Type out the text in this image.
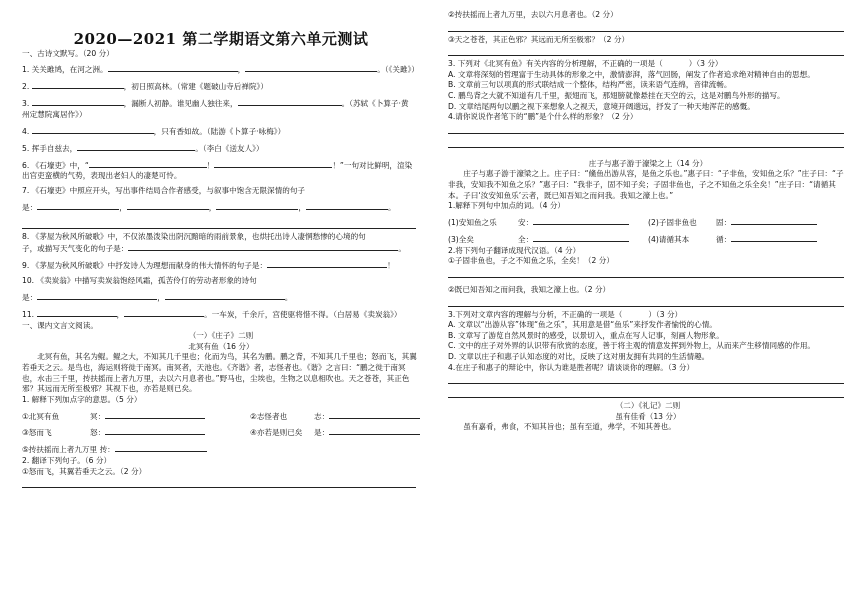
2020—2021 第二学期语文第六单元测试

一、古诗文默写。（20 分）

1. 关关雎鸠，在河之洲。	，	。（《关雎》）

2.	，初日照高林。（常建《题破山寺后禅院》）

3.	，漏断人初静。谁见幽人独往来，	。（苏轼《卜算子·黄

州定慧院寓居作》）

4.	，只有香如故。（陆游《卜算子·咏梅》）

5. 挥手自兹去，	。（李白《送友人》）

6. 《石壕吏》中，“	！	！”一句对比鲜明，渲染

出官吏蛮横的气势，表现出老妇人的凄楚可怜。

7. 《石壕吏》中照应开头，写出事件结局合作者感受，与叙事中饱含无限深情的句子

是：	，	，	，	。

8. 《茅屋为秋风所破歌》中，不仅浓墨泼染出阴沉黯暗的雨前景象，也烘托出诗人凄惘愁惨的心境的句

子，或描写天气变化的句子是：	。

9. 《茅屋为秋风所破歌》中抒发诗人为理想而献身的伟大情怀的句子是：	！

10. 《卖炭翁》中描写卖炭翁饱经风霜，孤苦伶仃的劳动者形象的诗句

是：	，	。

11.	，	。一车炭，千余斤，宫使驱将惜不得。（白居易《卖炭翁》）

一、课内文言文阅读。

（一）《庄子》二则

北冥有鱼（16 分）

北冥有鱼，其名为鲲。鲲之大，不知其几千里也；化而为鸟，其名为鹏。鹏之背，不知其几千里也；怒而飞，其翼若垂天之云。是鸟也，海运则将徙于南冥。南冥者，天池也。《齐谐》者，志怪者也。《谐》之言曰：“鹏之徙于南冥也，水击三千里，抟扶摇而上者九万里，去以六月息者也。”野马也，尘埃也，生物之以息相吹也。天之苍苍，其正色邪？其远而无所至极邪？其视下也，亦若是则已矣。

1. 解释下列加点字的意思。（5 分）

①北冥有鱼	冥：	②志怪者也	志：

③怒而飞	怒：	④亦若是则已矣 是：

⑤抟扶摇而上者九万里 抟：

2. 翻译下列句子。（6 分）

①怒而飞，其翼若垂天之云。（2 分）

②抟扶摇而上者九万里，去以六月息者也。（2 分）

③天之苍苍，其正色邪？其远而无所至极邪？（2 分）

3. 下列对《北冥有鱼》有关内容的分析理解，不正确的一项是（	）（3 分）

A. 文章将深刻的哲理富于生动具体的形象之中，激情澎湃，落气回肠，阐发了作者追求绝对精神自由的思想。

B. 文章前三句以项真的形式联结成一个整体，结构严密，读来语气连绵，音律流畅。

C. 鹏鸟背之大就不知道有几千里，振翅而飞，那翅膀就像悬挂在天空的云，这是对鹏鸟外形的描写。

D. 文章结尾两句以鹏之视下来想象人之视天，意境开阔邈远，抒发了一种天地浑茫的感慨。

4.请你说说作者笔下的“鹏”是个什么样的形象？（2 分）

庄子与惠子游于濠梁之上（14 分）

庄子与惠子游于濠梁之上。庄子曰：“鯈鱼出游从容，是鱼之乐也。”惠子曰：“子非鱼，安知鱼之乐？”庄子曰：“子非我，安知我不知鱼之乐？”惠子曰：“我非子，固不知子矣；子固非鱼也，子之不知鱼之乐全矣！”庄子曰：“请循其本。子曰‘汝安知鱼乐’云者，既已知吾知之而问我。我知之濠上也。”

1.解释下列句中加点的词。（4 分）

(1)安知鱼之乐	安：	(2)子固非鱼也	固：

(3)全矣	全：	(4)请循其本	循：

2.将下列句子翻译成现代汉语。（4 分）

①子固非鱼也，子之不知鱼之乐，全矣！（2 分）

②既已知吾知之而问我，我知之濠上也。（2 分）

3.下列对文章内容的理解与分析，不正确的一项是（	）（3 分）

A. 文章以“出游从容”体现“鱼之乐”，其用意是借“鱼乐”来抒发作者愉悦的心情。

B. 文章写了游览自然风景时的感受，以景切入，重点在写人记事，刻画人物形象。

C. 文中的庄子对外界的认识带有欣赏的态度，善于将主观的情意发挥到外物上，从而来产生移情同感的作用。

D. 文章以庄子和惠子认知态度的对比，反映了这对朋友拥有共同的生活情趣。

4.在庄子和惠子的辩论中，你认为谁是胜者呢？请谈谈你的理解。（3 分）

（二）《礼记》二则

虽有佳肴（13 分）

虽有嘉肴，弗食，不知其旨也；虽有至道，弗学，不知其善也。
